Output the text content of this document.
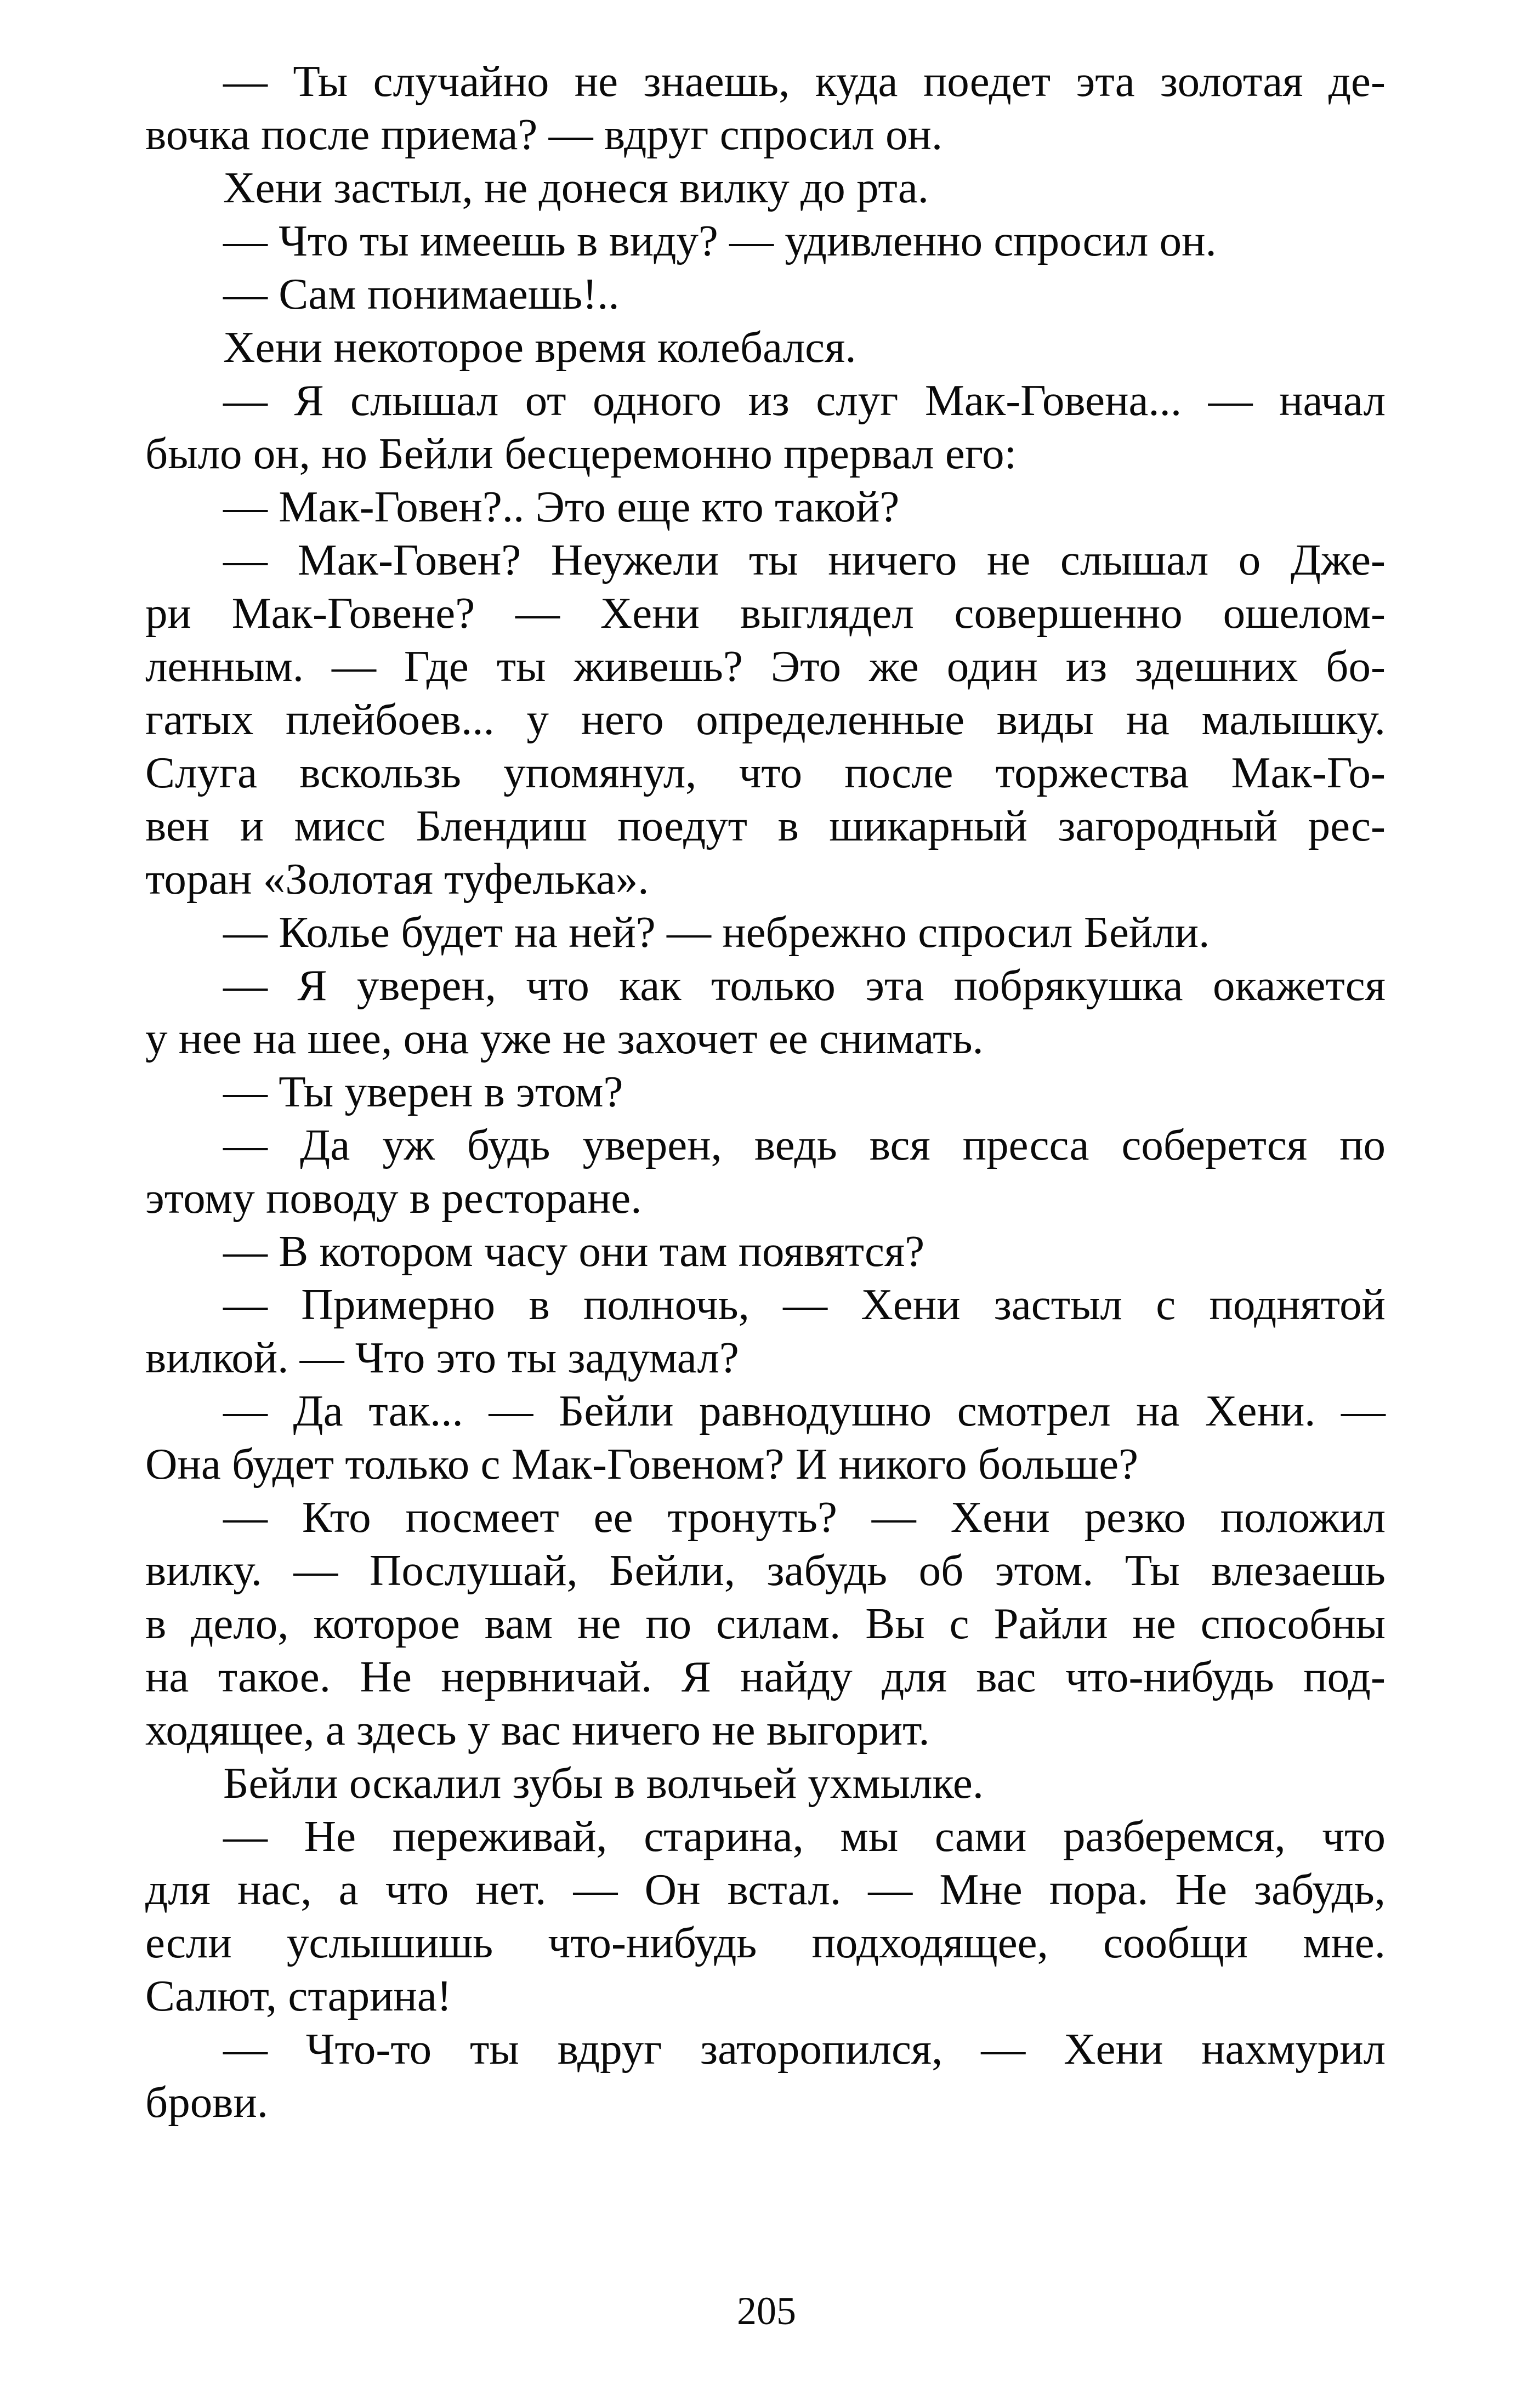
— Ты случайно не знаешь, куда поедет эта золотая де-
вочка после приема? — вдруг спросил он.
Хени застыл, не донеся вилку до рта.
— Что ты имеешь в виду? — удивленно спросил он.
— Сам понимаешь!..
Хени некоторое время колебался.
— Я слышал от одного из слуг Мак-Говена... — начал
было он, но Бейли бесцеремонно прервал его:
— Мак-Говен?.. Это еще кто такой?
— Мак-Говен? Неужели ты ничего не слышал о Дже-
ри Мак-Говене? — Хени выглядел совершенно ошелом-
ленным. — Где ты живешь? Это же один из здешних бо-
гатых плейбоев... у него определенные виды на малышку.
Слуга вскользь упомянул, что после торжества Мак-Го-
вен и мисс Блендиш поедут в шикарный загородный рес-
торан «Золотая туфелька».
— Колье будет на ней? — небрежно спросил Бейли.
— Я уверен, что как только эта побрякушка окажется
у нее на шее, она уже не захочет ее снимать.
— Ты уверен в этом?
— Да уж будь уверен, ведь вся пресса соберется по
этому поводу в ресторане.
— В котором часу они там появятся?
— Примерно в полночь, — Хени застыл с поднятой
вилкой. — Что это ты задумал?
— Да так... — Бейли равнодушно смотрел на Хени. —
Она будет только с Мак-Говеном? И никого больше?
— Кто посмеет ее тронуть? — Хени резко положил
вилку. — Послушай, Бейли, забудь об этом. Ты влезаешь
в дело, которое вам не по силам. Вы с Райли не способны
на такое. Не нервничай. Я найду для вас что-нибудь под-
ходящее, а здесь у вас ничего не выгорит.
Бейли оскалил зубы в волчьей ухмылке.
— Не переживай, старина, мы сами разберемся, что
для нас, а что нет. — Он встал. — Мне пора. Не забудь,
если услышишь что-нибудь подходящее, сообщи мне.
Салют, старина!
— Что-то ты вдруг заторопился, — Хени нахмурил
брови.
205
